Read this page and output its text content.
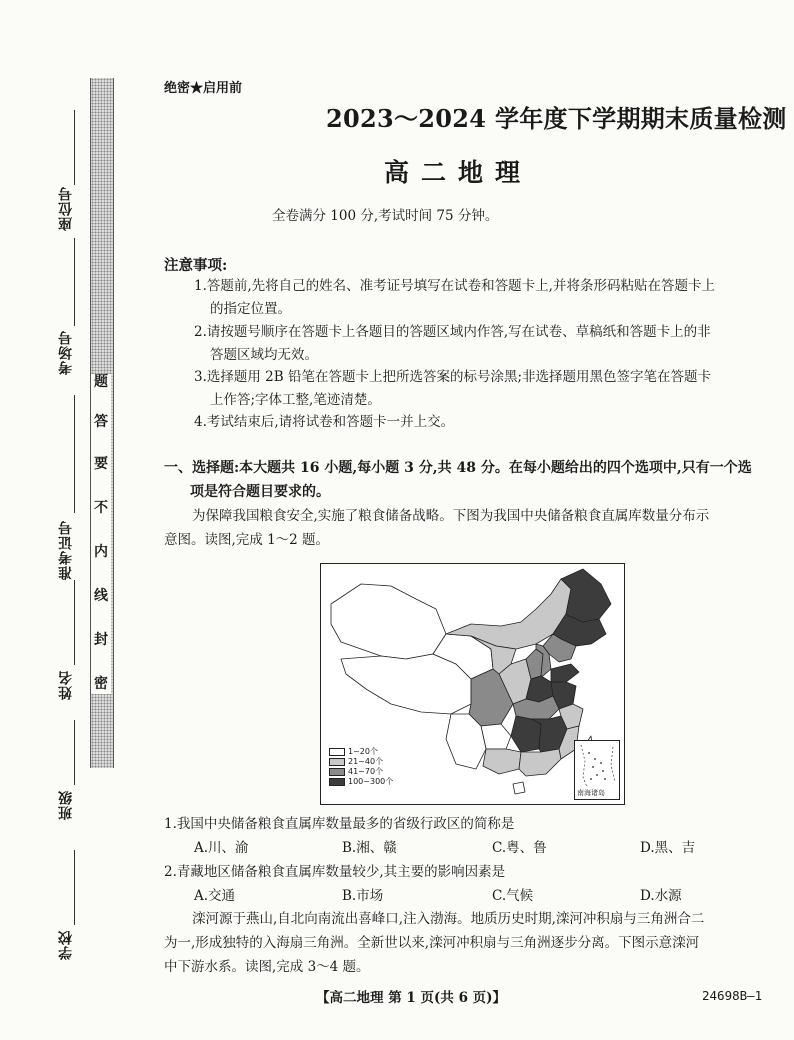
座位号
考场号
准考证号
姓名
班级
学校
题
答
要
不
内
线
封
密
绝密★启用前
2023～2024 学年度下学期期末质量检测
高二地理
全卷满分 100 分,考试时间 75 分钟。
注意事项:
1.答题前,先将自己的姓名、准考证号填写在试卷和答题卡上,并将条形码粘贴在答题卡上
的指定位置。
2.请按题号顺序在答题卡上各题目的答题区域内作答,写在试卷、草稿纸和答题卡上的非
答题区域均无效。
3.选择题用 2B 铅笔在答题卡上把所选答案的标号涂黑;非选择题用黑色签字笔在答题卡
上作答;字体工整,笔迹清楚。
4.考试结束后,请将试卷和答题卡一并上交。
一、选择题:本大题共 16 小题,每小题 3 分,共 48 分。在每小题给出的四个选项中,只有一个选
项是符合题目要求的。
为保障我国粮食安全,实施了粮食储备战略。下图为我国中央储备粮食直属库数量分布示
意图。读图,完成 1～2 题。
1~20个
21~40个
41~70个
100~300个
南海诸岛
1.我国中央储备粮食直属库数量最多的省级行政区的简称是
A.川、渝	B.湘、赣	C.粤、鲁	D.黑、吉
2.青藏地区储备粮食直属库数量较少,其主要的影响因素是
A.交通	B.市场	C.气候	D.水源
滦河源于燕山,自北向南流出喜峰口,注入渤海。地质历史时期,滦河冲积扇与三角洲合二
为一,形成独特的入海扇三角洲。全新世以来,滦河冲积扇与三角洲逐步分离。下图示意滦河
中下游水系。读图,完成 3～4 题。
【高二地理 第 1 页(共 6 页)】	24698B—1
